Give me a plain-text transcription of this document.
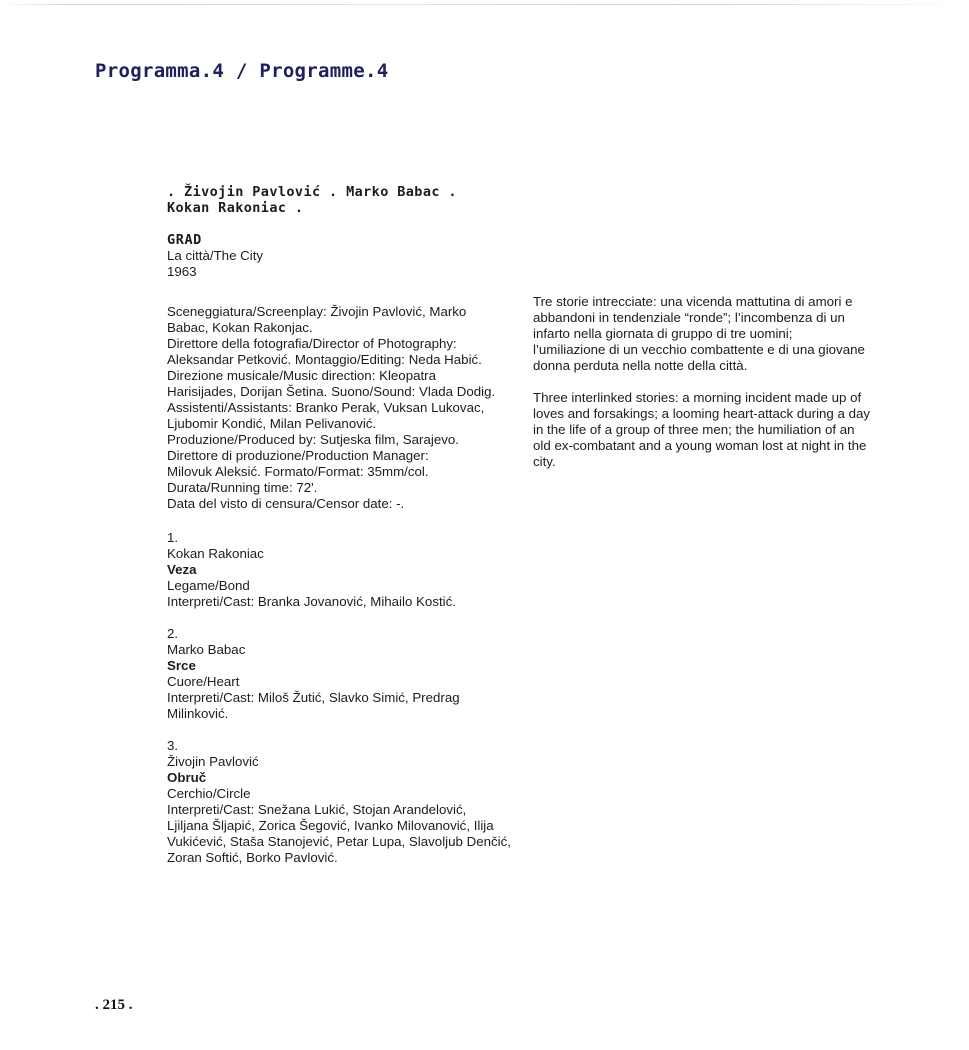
Programma.4 / Programme.4
. Živojin Pavlović . Marko Babac . Kokan Rakoniac .
GRAD
La città/The City
1963
Sceneggiatura/Screenplay: Živojin Pavlović, Marko
Babac, Kokan Rakonjac.
Direttore della fotografia/Director of Photography:
Aleksandar Petković. Montaggio/Editing: Neda Habić.
Direzione musicale/Music direction: Kleopatra
Harisijades, Dorijan Šetina. Suono/Sound: Vlada Dodig.
Assistenti/Assistants: Branko Perak, Vuksan Lukovac,
Ljubomir Kondić, Milan Pelivanović.
Produzione/Produced by: Sutjeska film, Sarajevo.
Direttore di produzione/Production Manager:
Milovuk Aleksić. Formato/Format: 35mm/col.
Durata/Running time: 72'.
Data del visto di censura/Censor date: -.
1.
Kokan Rakoniac
Veza
Legame/Bond
Interpreti/Cast: Branka Jovanović, Mihailo Kostić.
2.
Marko Babac
Srce
Cuore/Heart
Interpreti/Cast: Miloš Žutić, Slavko Simić, Predrag
Milinković.
3.
Živojin Pavlović
Obruč
Cerchio/Circle
Interpreti/Cast: Snežana Lukić, Stojan Arandelović,
Ljiljana Šljapić, Zorica Šegović, Ivanko Milovanović, Ilija
Vukićević, Staša Stanojević, Petar Lupa, Slavoljub Denčić,
Zoran Softić, Borko Pavlović.

Tre storie intrecciate: una vicenda mattutina di amori e
abbandoni in tendenziale “ronde”; l’incombenza di un
infarto nella giornata di gruppo di tre uomini;
l’umiliazione di un vecchio combattente e di una giovane
donna perduta nella notte della città.

Three interlinked stories: a morning incident made up of
loves and forsakings; a looming heart-attack during a day
in the life of a group of three men; the humiliation of an
old ex-combatant and a young woman lost at night in the
city.

. 215 .
